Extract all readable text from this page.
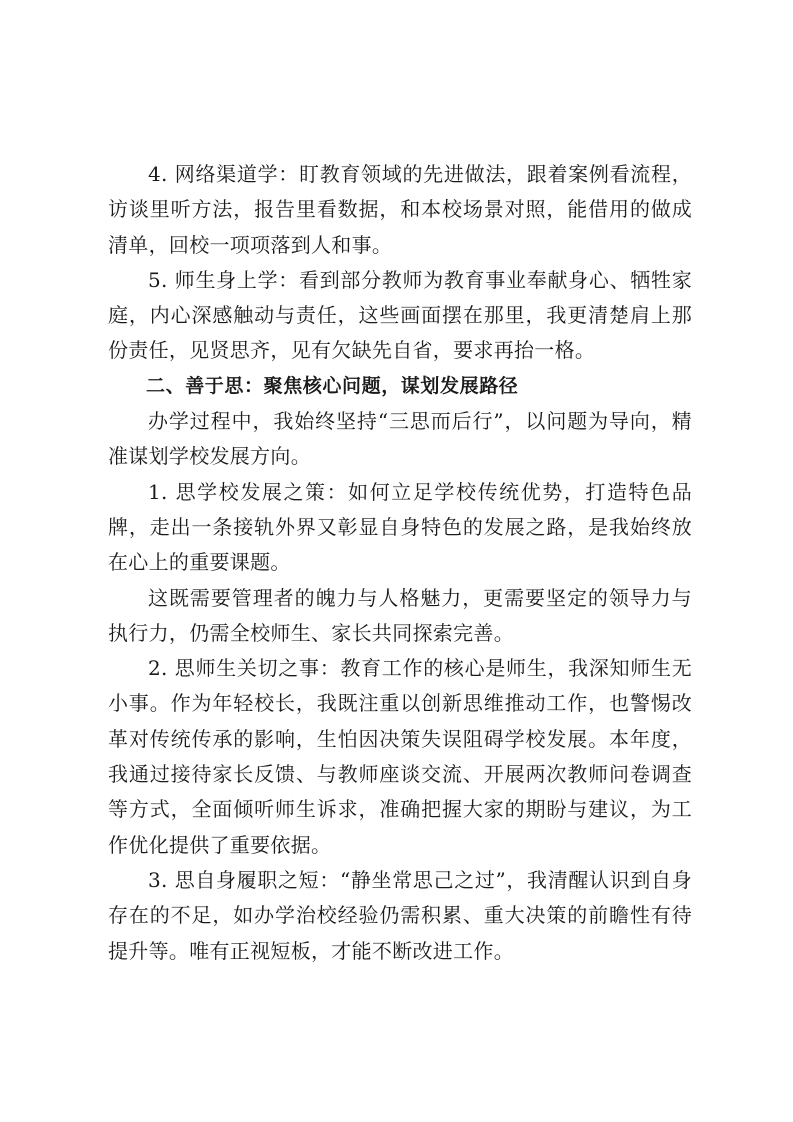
4. 网络渠道学：盯教育领域的先进做法，跟着案例看流程，访谈里听方法，报告里看数据，和本校场景对照，能借用的做成清单，回校一项项落到人和事。

5. 师生身上学：看到部分教师为教育事业奉献身心、牺牲家庭，内心深感触动与责任，这些画面摆在那里，我更清楚肩上那份责任，见贤思齐，见有欠缺先自省，要求再抬一格。

二、善于思：聚焦核心问题，谋划发展路径

办学过程中，我始终坚持“三思而后行”，以问题为导向，精准谋划学校发展方向。

1. 思学校发展之策：如何立足学校传统优势，打造特色品牌，走出一条接轨外界又彰显自身特色的发展之路，是我始终放在心上的重要课题。

这既需要管理者的魄力与人格魅力，更需要坚定的领导力与执行力，仍需全校师生、家长共同探索完善。

2. 思师生关切之事：教育工作的核心是师生，我深知师生无小事。作为年轻校长，我既注重以创新思维推动工作，也警惕改革对传统传承的影响，生怕因决策失误阻碍学校发展。本年度，我通过接待家长反馈、与教师座谈交流、开展两次教师问卷调查等方式，全面倾听师生诉求，准确把握大家的期盼与建议，为工作优化提供了重要依据。

3. 思自身履职之短：“静坐常思己之过”，我清醒认识到自身存在的不足，如办学治校经验仍需积累、重大决策的前瞻性有待提升等。唯有正视短板，才能不断改进工作。
